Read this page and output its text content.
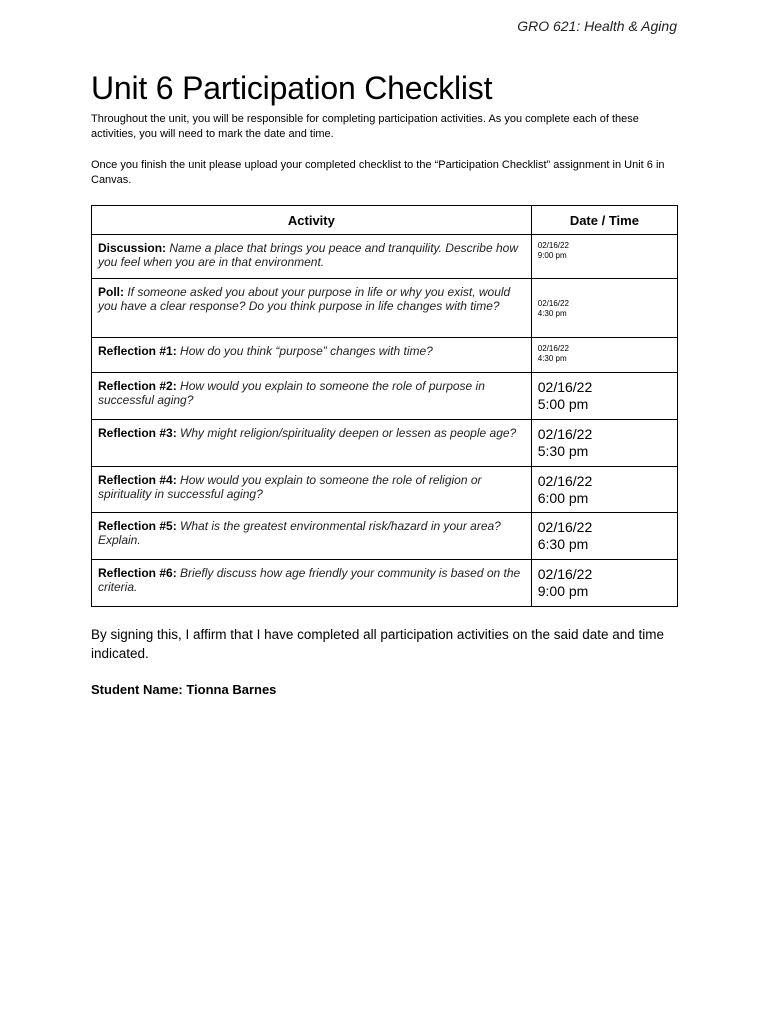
GRO 621: Health & Aging
Unit 6 Participation Checklist

Throughout the unit, you will be responsible for completing participation activities. As you complete each of these activities, you will need to mark the date and time.

Once you finish the unit please upload your completed checklist to the “Participation Checklist” assignment in Unit 6 in Canvas.

Activity	Date / Time
Discussion: Name a place that brings you peace and tranquility. Describe how you feel when you are in that environment.	02/16/22
9:00 pm

Poll: If someone asked you about your purpose in life or why you exist, would you have a clear response? Do you think purpose in life changes with time?	02/16/22
4:30 pm

Reflection #1: How do you think “purpose” changes with time?	02/16/22
4:30 pm

Reflection #2: How would you explain to someone the role of purpose in successful aging?	02/16/22
5:00 pm

Reflection #3: Why might religion/spirituality deepen or lessen as people age?	02/16/22
5:30 pm

Reflection #4: How would you explain to someone the role of religion or spirituality in successful aging?	02/16/22
6:00 pm

Reflection #5: What is the greatest environmental risk/hazard in your area? Explain.	02/16/22
6:30 pm

Reflection #6: Briefly discuss how age friendly your community is based on the criteria.	02/16/22
9:00 pm

By signing this, I affirm that I have completed all participation activities on the said date and time indicated.

Student Name: Tionna Barnes
